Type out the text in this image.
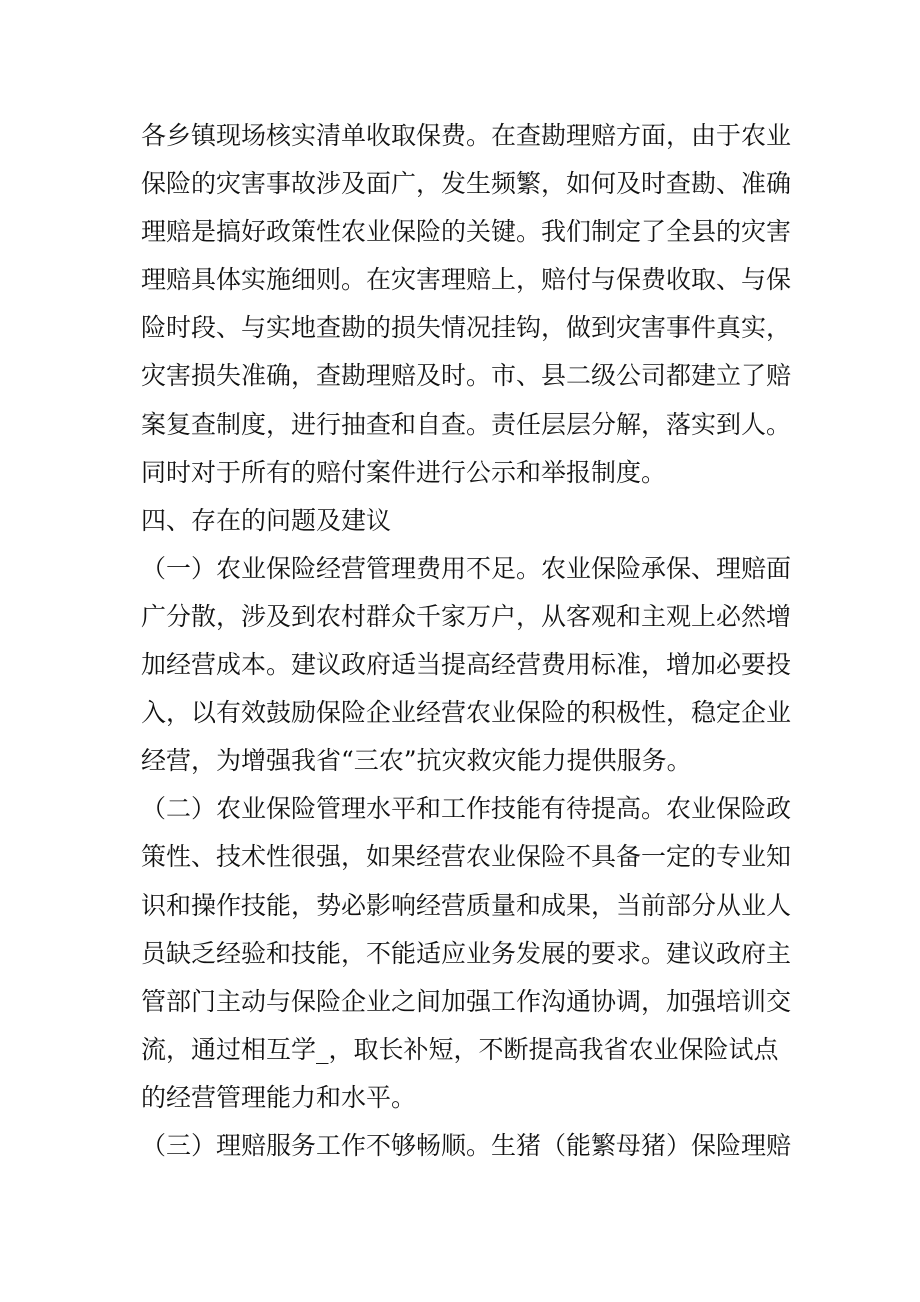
各乡镇现场核实清单收取保费。在查勘理赔方面，由于农业
保险的灾害事故涉及面广，发生频繁，如何及时查勘、准确
理赔是搞好政策性农业保险的关键。我们制定了全县的灾害
理赔具体实施细则。在灾害理赔上，赔付与保费收取、与保
险时段、与实地查勘的损失情况挂钩，做到灾害事件真实，
灾害损失准确，查勘理赔及时。市、县二级公司都建立了赔
案复查制度，进行抽查和自查。责任层层分解，落实到人。
同时对于所有的赔付案件进行公示和举报制度。
四、存在的问题及建议
（一）农业保险经营管理费用不足。农业保险承保、理赔面
广分散，涉及到农村群众千家万户，从客观和主观上必然增
加经营成本。建议政府适当提高经营费用标准，增加必要投
入，以有效鼓励保险企业经营农业保险的积极性，稳定企业
经营，为增强我省“三农”抗灾救灾能力提供服务。
（二）农业保险管理水平和工作技能有待提高。农业保险政
策性、技术性很强，如果经营农业保险不具备一定的专业知
识和操作技能，势必影响经营质量和成果，当前部分从业人
员缺乏经验和技能，不能适应业务发展的要求。建议政府主
管部门主动与保险企业之间加强工作沟通协调，加强培训交
流，通过相互学_，取长补短，不断提高我省农业保险试点
的经营管理能力和水平。
（三）理赔服务工作不够畅顺。生猪（能繁母猪）保险理赔
